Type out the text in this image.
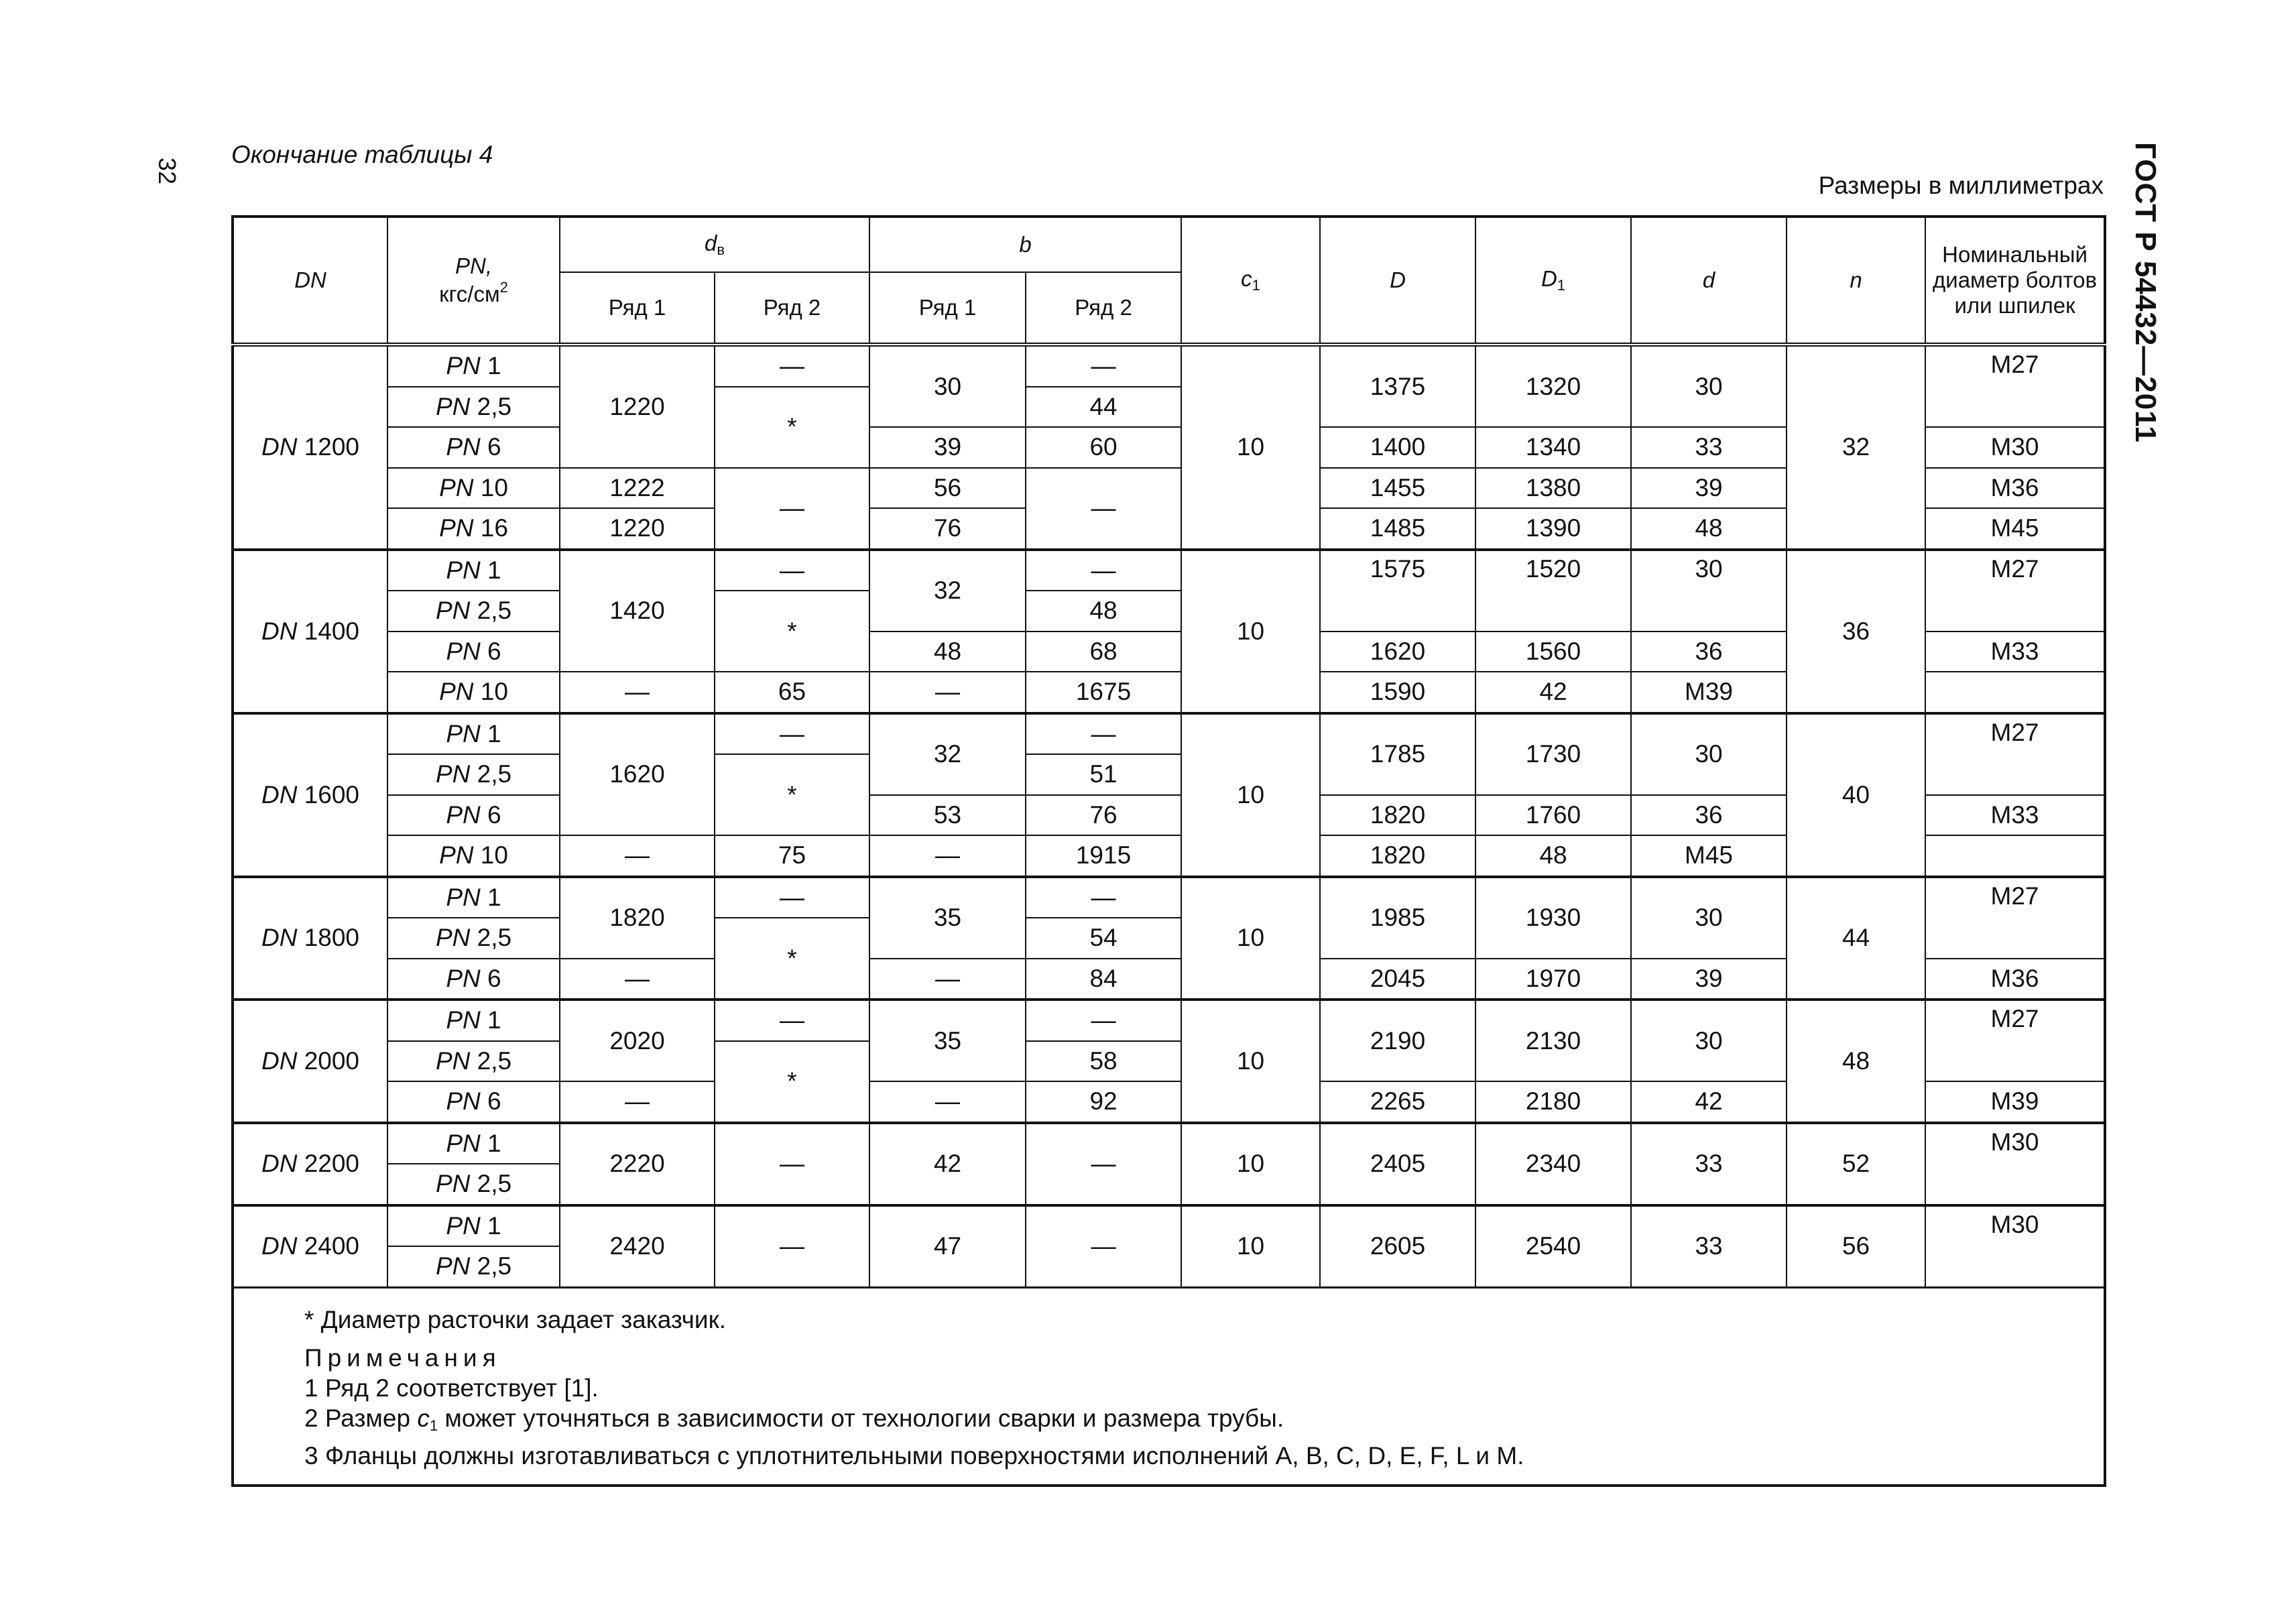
32
Окончание таблицы 4
Размеры в миллиметрах ГОСТ Р 54432—2011
DN	PN,
кгс/$см^2$	$d_в$		b		$c_1$	D	$D_1$	d	n	Номинальный диаметр болтов или шпилек
		Ряд 1	Ряд 2	Ряд 1	Ряд 2						
DN 1200	PN 1	1220	—	30	—	10	1375	1320	30	32	M27
	PN 2,5		*		44						
	PN 6			39	60		1400	1340	33		M30
	PN 10	1222	—	56	—		1455	1380	39		M36
	PN 16	1220		76			1485	1390	48		M45
DN 1400	PN 1	1420	—	32	—	10	1575	1520	30	36	M27
	PN 2,5		*		48						
	PN 6			48	68		1620	1560	36		M33
	PN 10	—	65	—	1675		1590	42	M39		
DN 1600	PN 1	1620	—	32	—	10	1785	1730	30	40	M27
	PN 2,5		*		51						
	PN 6			53	76		1820	1760	36		M33
	PN 10	—	75	—	1915		1820	48	M45		
DN 1800	PN 1	1820	—	35	—	10	1985	1930	30	44	M27
	PN 2,5		*		54						
	PN 6	—		—	84		2045	1970	39		M36
DN 2000	PN 1	2020	—	35	—	10	2190	2130	30	48	M27
	PN 2,5		*		58						
	PN 6	—		—	92		2265	2180	42		M39
DN 2200	PN 1	2220	—	42	—	10	2405	2340	33	52	M30
	PN 2,5										
DN 2400	PN 1	2420	—	47	—	10	2605	2540	33	56	M30
	PN 2,5										

* Диаметр расточки задает заказчик.
Примечания
1 Ряд 2 соответствует [1].
2 Размер $c_1$ может уточняться в зависимости от технологии сварки и размера трубы.
3 Фланцы должны изготавливаться с уплотнительными поверхностями исполнений А, В, С, D, E, F, L и М.											
